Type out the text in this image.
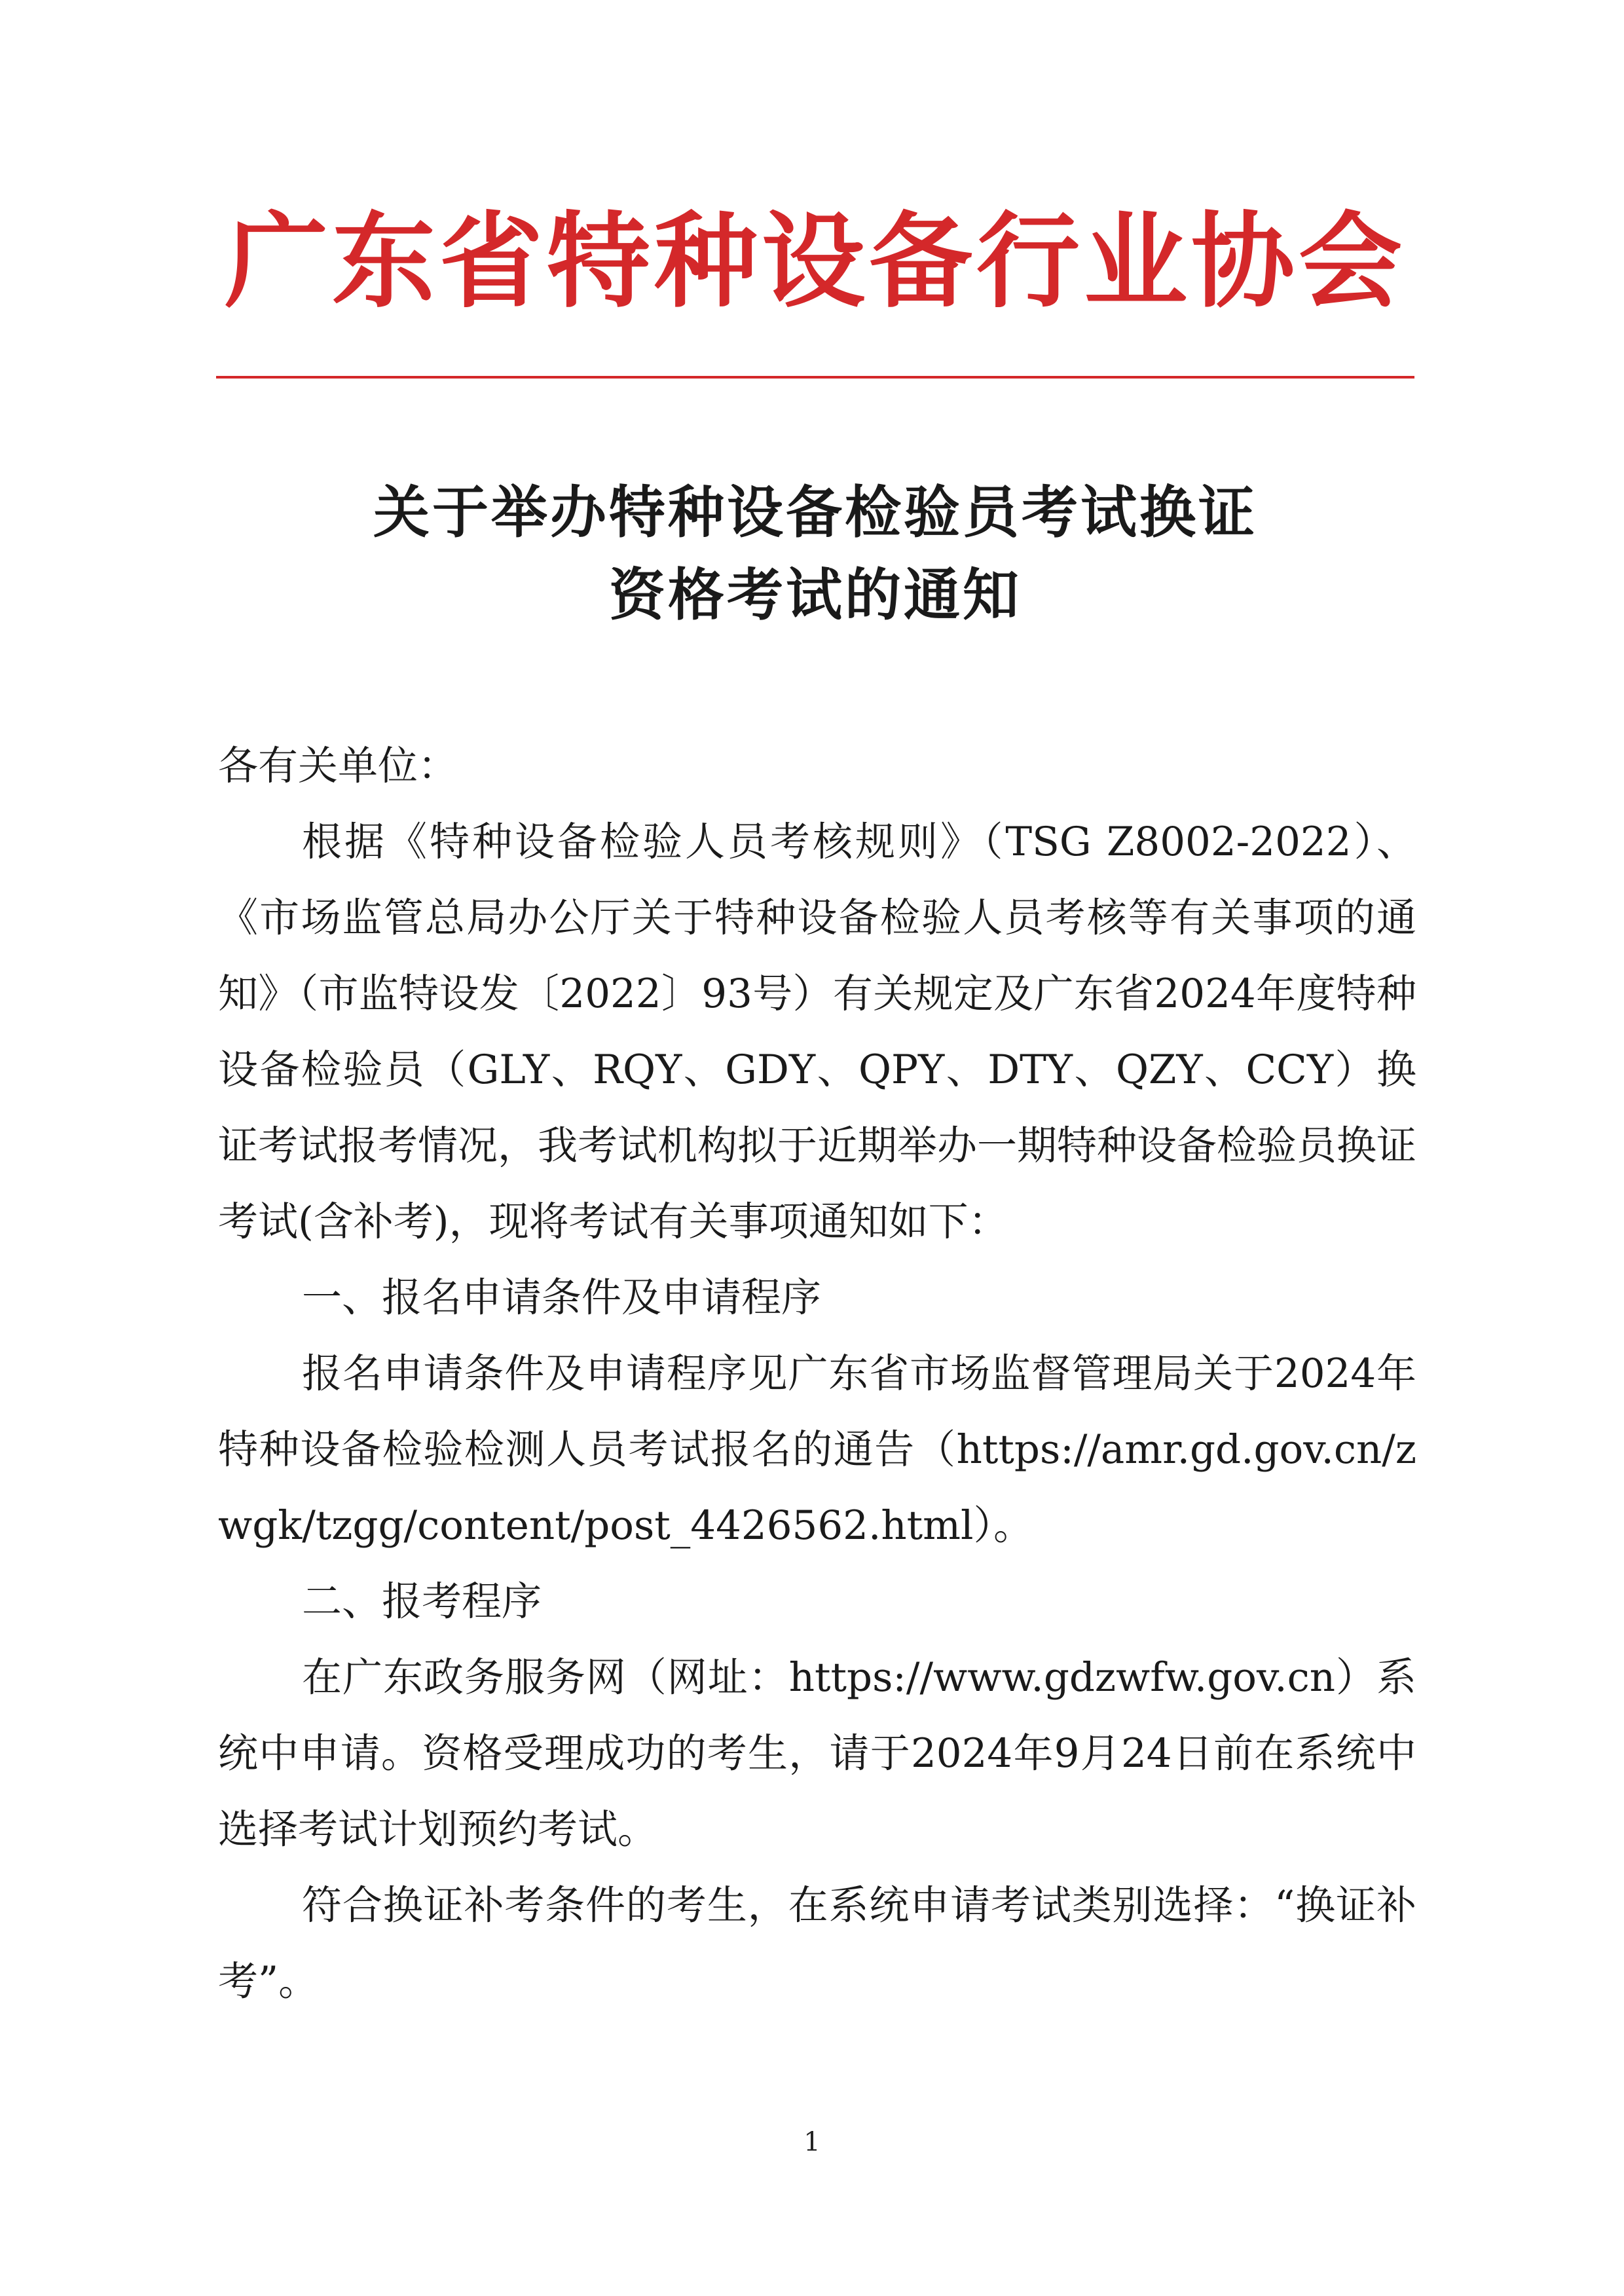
广东省特种设备行业协会
关于举办特种设备检验员考试换证
资格考试的通知

各有关单位：

根据《特种设备检验人员考核规则》（TSG Z8002-2022）、《市场监管总局办公厅关于特种设备检验人员考核等有关事项的通知》（市监特设发〔2022〕93号）有关规定及广东省2024年度特种设备检验员（GLY、RQY、GDY、QPY、DTY、QZY、CCY）换证考试报考情况，我考试机构拟于近期举办一期特种设备检验员换证考试(含补考)，现将考试有关事项通知如下：

一、报名申请条件及申请程序

报名申请条件及申请程序见广东省市场监督管理局关于2024年特种设备检验检测人员考试报名的通告（https://amr.gd.gov.cn/zwgk/tzgg/content/post_4426562.html）。

二、报考程序

在广东政务服务网（网址：https://www.gdzwfw.gov.cn）系统中申请。资格受理成功的考生，请于2024年9月24日前在系统中选择考试计划预约考试。

符合换证补考条件的考生，在系统申请考试类别选择：“换证补考”。

1
